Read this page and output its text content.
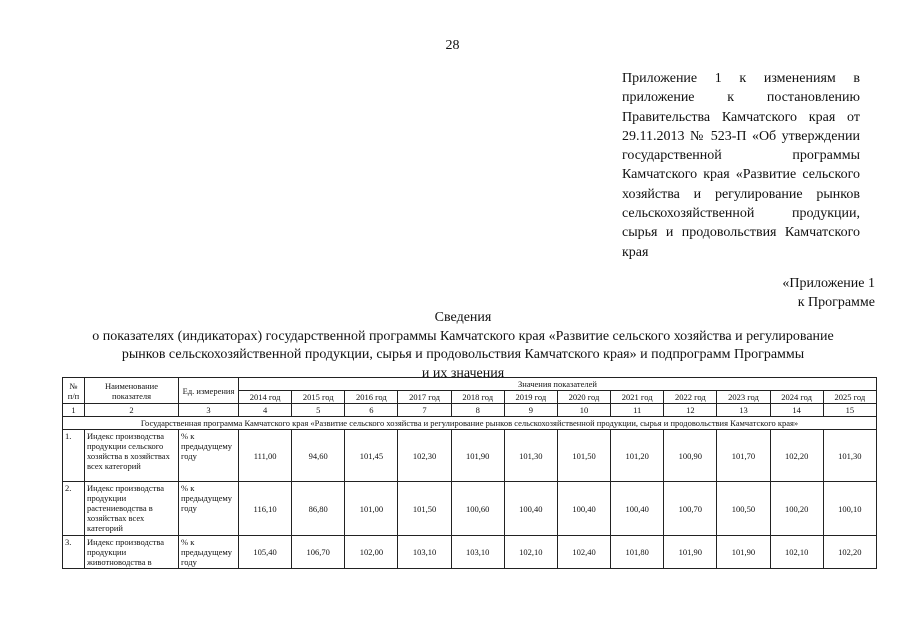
28
Приложение 1 к изменениям в приложение к постановлению Правительства Камчатского края от 29.11.2013 № 523-П «Об утверждении государственной программы Камчатского края «Развитие сельского хозяйства и регулирование рынков сельскохозяйственной продукции, сырья и продовольствия Камчатского края
«Приложение 1
к Программе
Сведения
о показателях (индикаторах) государственной программы Камчатского края «Развитие сельского хозяйства и регулирование
рынков сельскохозяйственной продукции, сырья и продовольствия Камчатского края» и подпрограмм Программы
и их значения
№ п/п	Наименование показателя	Ед. измерения	Значения показателей											
			2014 год	2015 год	2016 год	2017 год	2018 год	2019 год	2020 год	2021 год	2022 год	2023 год	2024 год	2025 год
1	2	3	4	5	6	7	8	9	10	11	12	13	14	15
Государственная программа Камчатского края «Развитие сельского хозяйства и регулирование рынков сельскохозяйственной продукции, сырья и продовольствия Камчатского края»														
1.	Индекс производства продукции сельского хозяйства в хозяйствах всех категорий	% к предыдущему году	111,00	94,60	101,45	102,30	101,90	101,30	101,50	101,20	100,90	101,70	102,20	101,30
2.	Индекс производства продукции растениеводства в хозяйствах всех категорий	% к предыдущему году	116,10	86,80	101,00	101,50	100,60	100,40	100,40	100,40	100,70	100,50	100,20	100,10
3.	Индекс производства продукции животноводства в	% к предыдущему году	105,40	106,70	102,00	103,10	103,10	102,10	102,40	101,80	101,90	101,90	102,10	102,20
